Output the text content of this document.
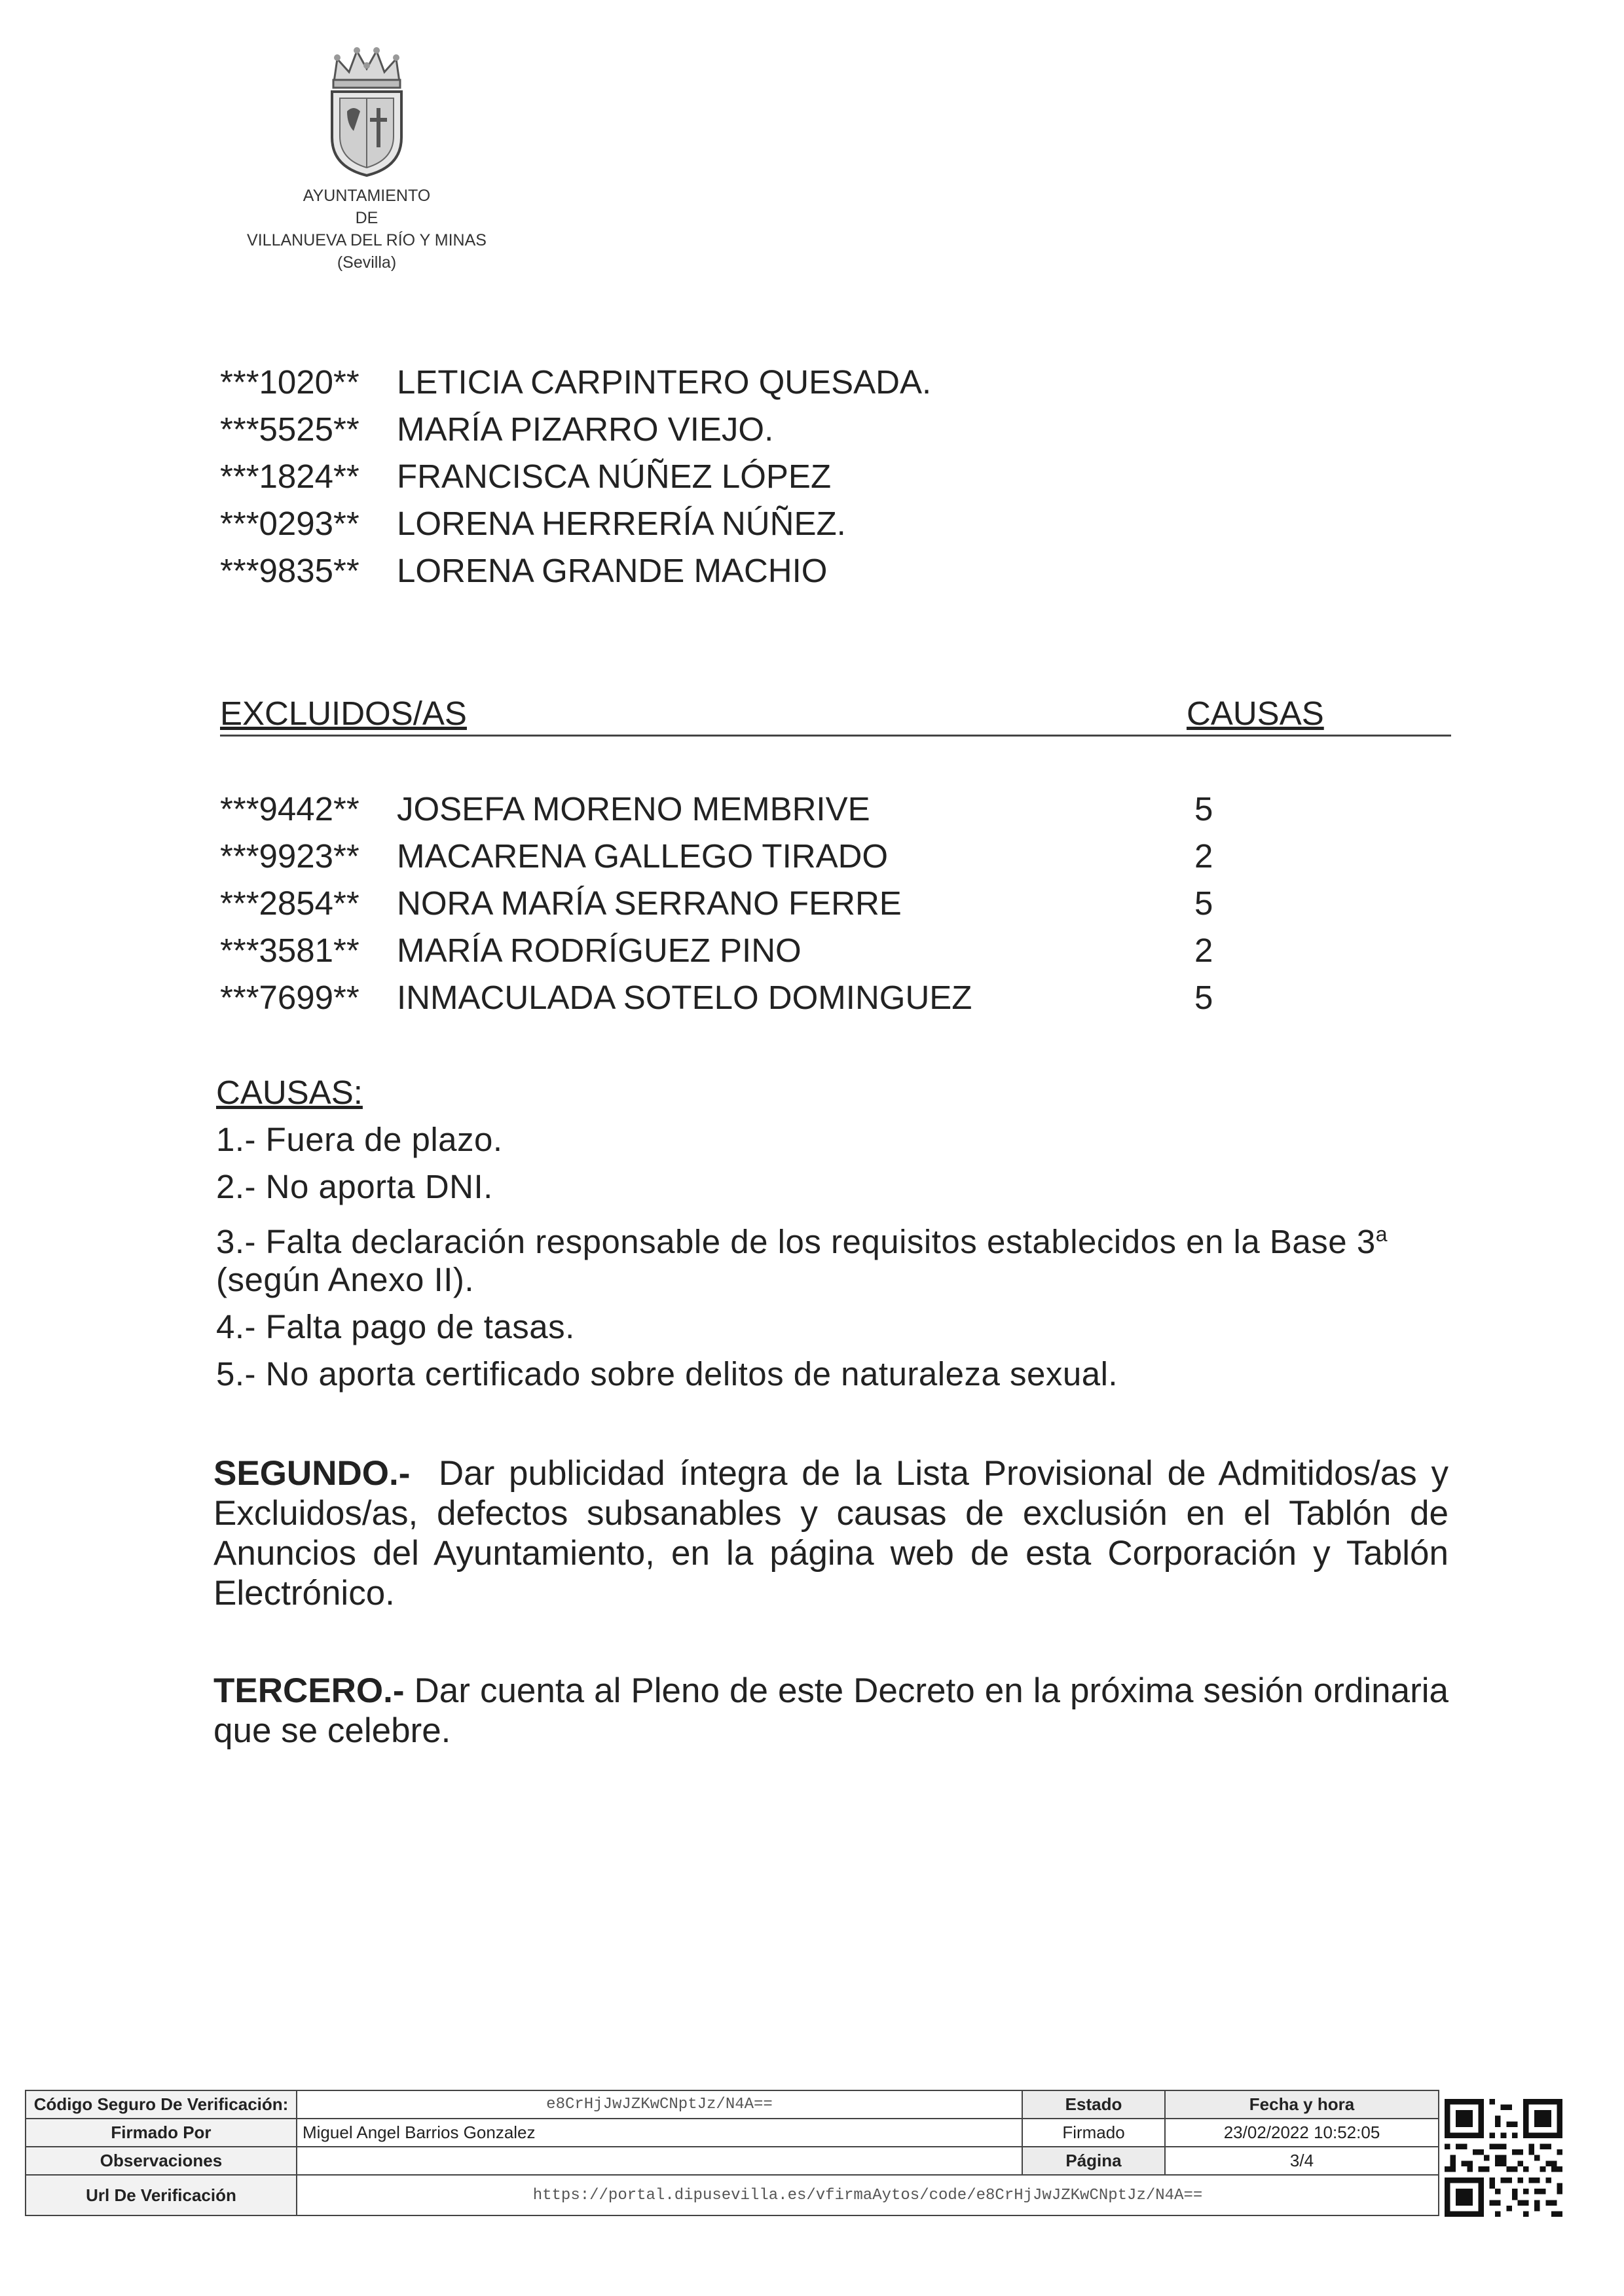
AYUNTAMIENTO
DE
VILLANUEVA DEL RÍO Y MINAS
(Sevilla)
***1020** LETICIA CARPINTERO QUESADA.
***5525** MARÍA PIZARRO VIEJO.
***1824** FRANCISCA NÚÑEZ LÓPEZ
***0293** LORENA HERRERÍA NÚÑEZ.
***9835** LORENA GRANDE MACHIO
EXCLUIDOS/AS	CAUSAS
***9442** JOSEFA MORENO MEMBRIVE	5
***9923** MACARENA GALLEGO TIRADO	2
***2854** NORA MARÍA SERRANO FERRE	5
***3581** MARÍA RODRÍGUEZ PINO	2
***7699** INMACULADA SOTELO DOMINGUEZ	5
CAUSAS:
1.- Fuera de plazo.
2.- No aporta DNI.
3.- Falta declaración responsable de los requisitos establecidos en la Base 3$^a$
(según Anexo II).
4.- Falta pago de tasas.
5.- No aporta certificado sobre delitos de naturaleza sexual.
SEGUNDO.- Dar publicidad íntegra de la Lista Provisional de Admitidos/as y Excluidos/as, defectos subsanables y causas de exclusión en el Tablón de Anuncios del Ayuntamiento, en la página web de esta Corporación y Tablón Electrónico.
TERCERO.- Dar cuenta al Pleno de este Decreto en la próxima sesión ordinaria que se celebre.
Código Seguro De Verificación:	e8CrHjJwJZKwCNptJz/N4A==	Estado	Fecha y hora
Firmado Por	Miguel Angel Barrios Gonzalez	Firmado	23/02/2022 10:52:05
Observaciones		Página	3/4
Url De Verificación	https://portal.dipusevilla.es/vfirmaAytos/code/e8CrHjJwJZKwCNptJz/N4A==		
